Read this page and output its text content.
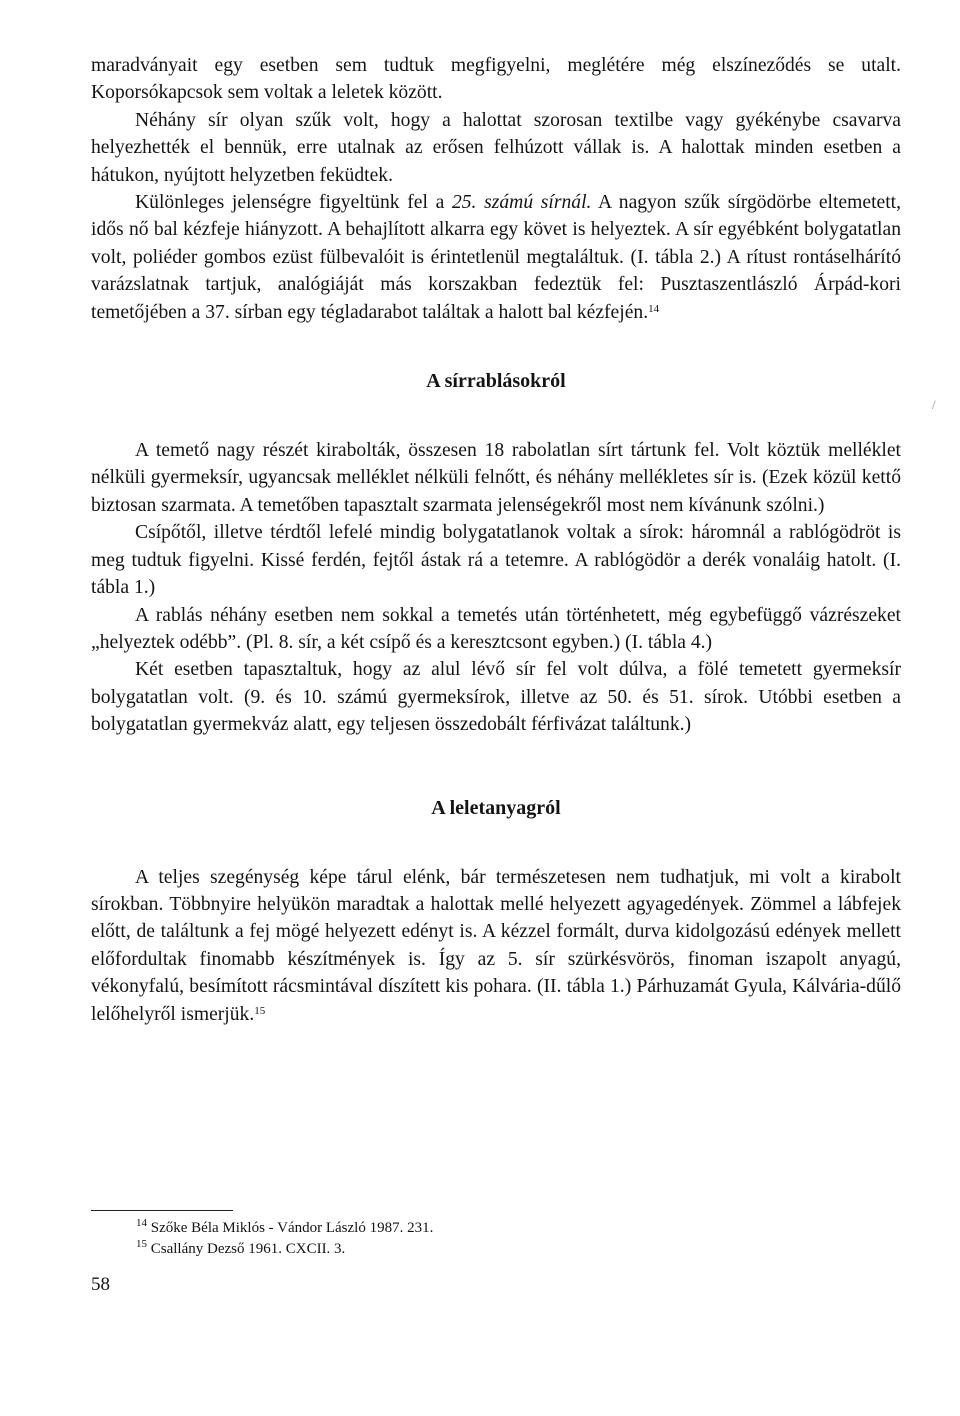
maradványait egy esetben sem tudtuk megfigyelni, meglétére még elszíneződés se utalt. Koporsókapcsok sem voltak a leletek között.

Néhány sír olyan szűk volt, hogy a halottat szorosan textilbe vagy gyékénybe csavarva helyezhették el bennük, erre utalnak az erősen felhúzott vállak is. A halottak minden esetben a hátukon, nyújtott helyzetben feküdtek.

Különleges jelenségre figyeltünk fel a 25. számú sírnál. A nagyon szűk sírgödörbe eltemetett, idős nő bal kézfeje hiányzott. A behajlított alkarra egy követ is helyeztek. A sír egyébként bolygatatlan volt, poliéder gombos ezüst fülbevalóit is érintetlenül megtaláltuk. (I. tábla 2.) A rítust rontáselhárító varázslatnak tartjuk, analógiáját más korszakban fedeztük fel: Pusztaszentlászló Árpád-kori temetőjében a 37. sírban egy tégladarabot találtak a halott bal kézfején.$^{14}$

A sírrablásokról

A temető nagy részét kirabolták, összesen 18 rabolatlan sírt tártunk fel. Volt köztük melléklet nélküli gyermeksír, ugyancsak melléklet nélküli felnőtt, és néhány mellékletes sír is. (Ezek közül kettő biztosan szarmata. A temetőben tapasztalt szarmata jelenségekről most nem kívánunk szólni.)

Csípőtől, illetve térdtől lefelé mindig bolygatatlanok voltak a sírok: háromnál a rablógödröt is meg tudtuk figyelni. Kissé ferdén, fejtől ástak rá a tetemre. A rablógödör a derék vonaláig hatolt. (I. tábla 1.)

A rablás néhány esetben nem sokkal a temetés után történhetett, még egybefüggő vázrészeket „helyeztek odébb”. (Pl. 8. sír, a két csípő és a keresztcsont egyben.) (I. tábla 4.)

Két esetben tapasztaltuk, hogy az alul lévő sír fel volt dúlva, a fölé temetett gyermeksír bolygatatlan volt. (9. és 10. számú gyermeksírok, illetve az 50. és 51. sírok. Utóbbi esetben a bolygatatlan gyermekváz alatt, egy teljesen összedobált férfivázat találtunk.)

A leletanyagról

A teljes szegénység képe tárul elénk, bár természetesen nem tudhatjuk, mi volt a kirabolt sírokban. Többnyire helyükön maradtak a halottak mellé helyezett agyagedények. Zömmel a lábfejek előtt, de találtunk a fej mögé helyezett edényt is. A kézzel formált, durva kidolgozású edények mellett előfordultak finomabb készítmények is. Így az 5. sír szürkésvörös, finoman iszapolt anyagú, vékonyfalú, besímított rácsmintával díszített kis pohara. (II. tábla 1.) Párhuzamát Gyula, Kálvária-dűlő lelőhelyről ismerjük.$^{15}$

/
$^{14}$ Szőke Béla Miklós - Vándor László 1987. 231.
$^{15}$ Csallány Dezső 1961. CXCII. 3.
58
